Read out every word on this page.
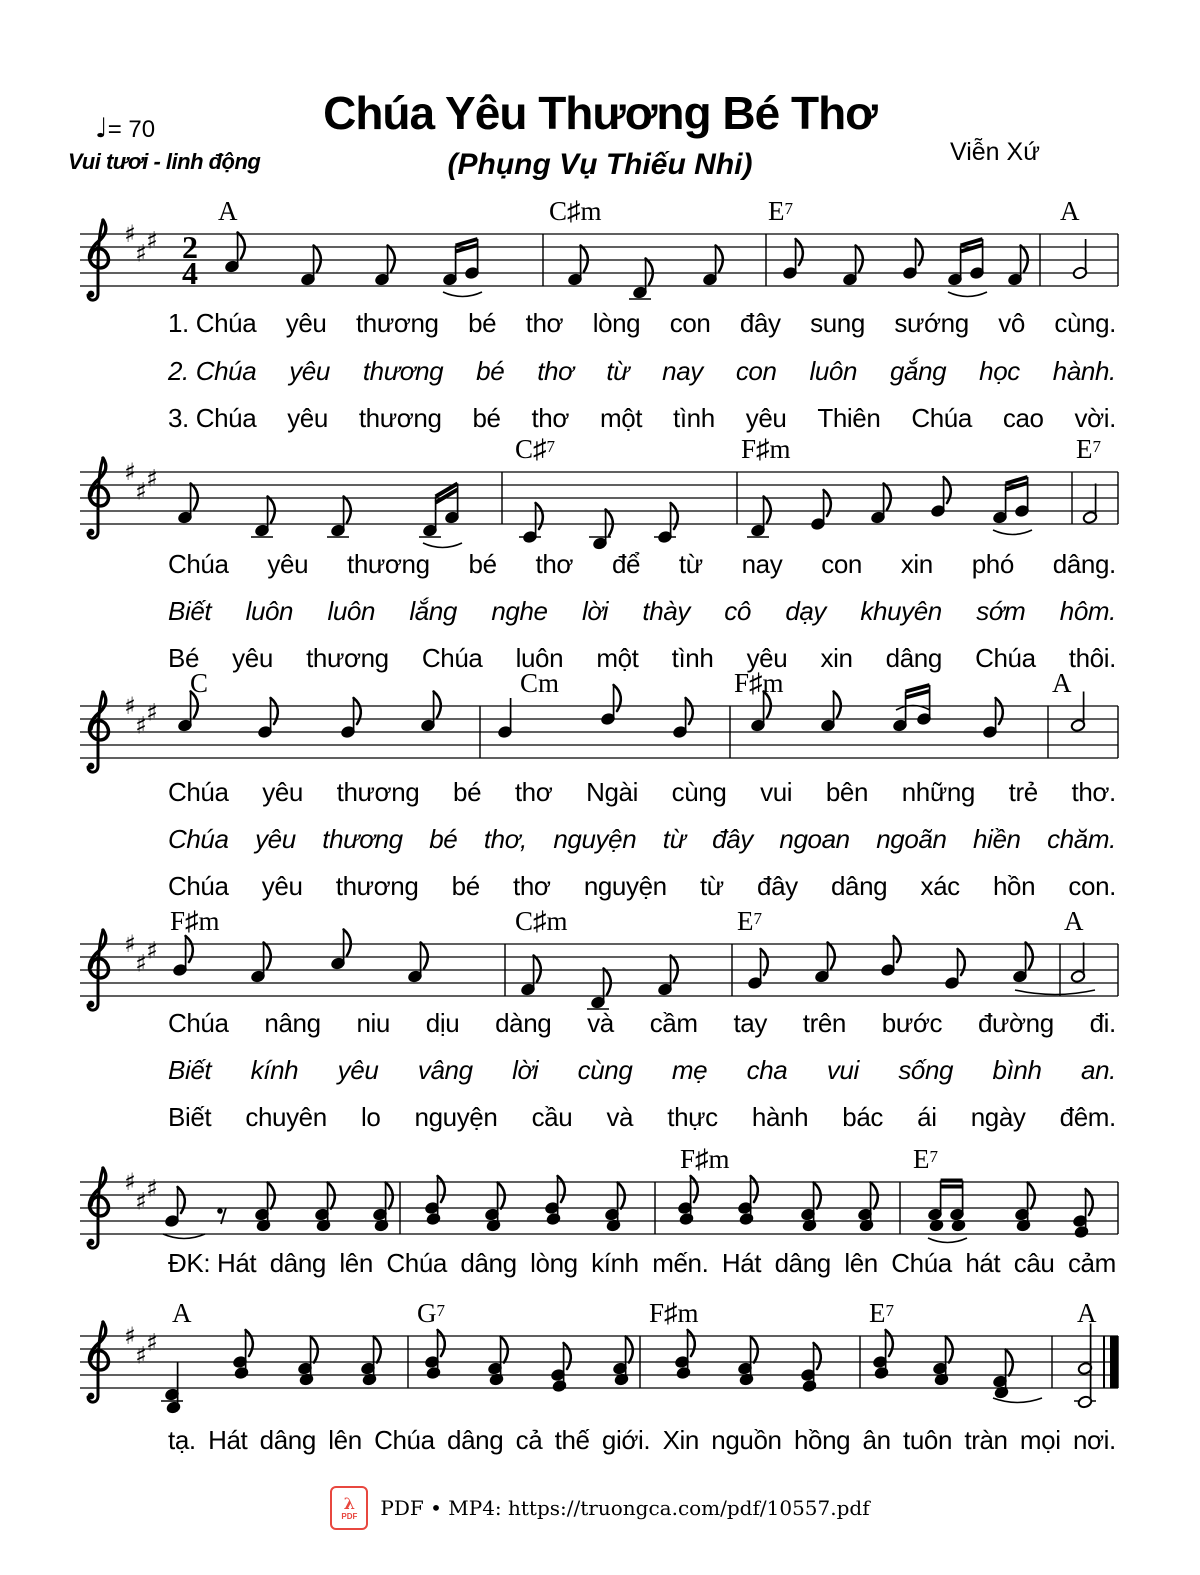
Chúa Yêu Thương Bé Thơ
♩= 70
Vui tươi - linh động	(Phụng Vụ Thiếu Nhi)	Viễn Xứ
♯ ♯
♯ 2
4
A	C♯m	$E^7$	A
♯ ♯
♯
C♯$^7$	F♯m	$E^7$
♯ ♯
♯
C	Cm	F♯m	A
♯ ♯
♯
F♯m	C♯m	$E^7$	A
♯ ♯
♯
F♯m	$E^7$
♯ ♯
♯
A	$G^7$	F♯m	$E^7$	A
1. Chúa yêu thương bé thơ lòng con đây sung sướng vô cùng.
2. Chúa yêu thương bé thơ từ nay con luôn gắng học hành.
3. Chúa yêu thương bé thơ một tình yêu Thiên Chúa cao vời.
Chúa yêu thương bé thơ để từ nay con xin phó dâng.
Biết luôn luôn lắng nghe lời thày cô dạy khuyên sớm hôm.
Bé yêu thương Chúa luôn một tình yêu xin dâng Chúa thôi.
Chúa yêu thương bé thơ Ngài cùng vui bên những trẻ thơ.
Chúa yêu thương bé thơ, nguyện từ đây ngoan ngoãn hiền chăm.
Chúa yêu thương bé thơ nguyện từ đây dâng xác hồn con.
Chúa nâng niu dịu dàng và cầm tay trên bước đường đi.
Biết kính yêu vâng lời cùng mẹ cha vui sống bình an.
Biết chuyên lo nguyện cầu và thực hành bác ái ngày đêm.
ĐK: Hát dâng lên Chúa dâng lòng kính mến. Hát dâng lên Chúa hát câu cảm
tạ. Hát dâng lên Chúa dâng cả thế giới. Xin nguồn hồng ân tuôn tràn mọi nơi.
λ
PDF PDF • MP4: https://truongca.com/pdf/10557.pdf
